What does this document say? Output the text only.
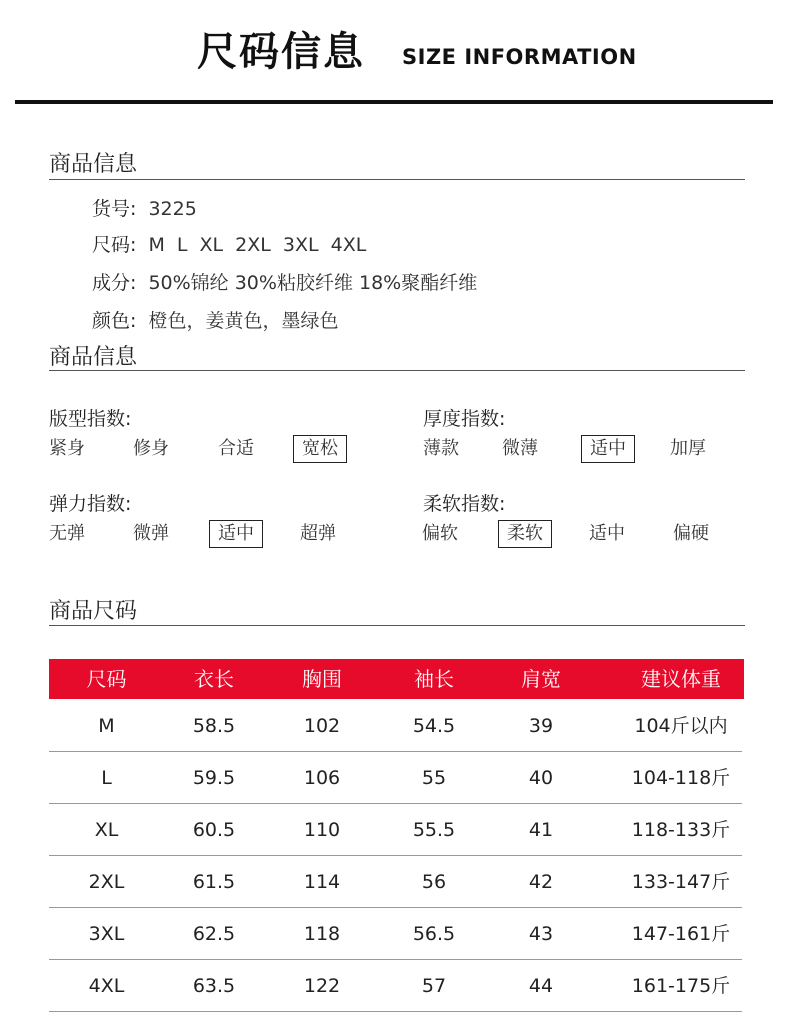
尺码信息 SIZE INFORMATION
商品信息
货号: 3225
尺码: M L XL 2XL 3XL 4XL
成分: 50%锦纶 30%粘胶纤维 18%聚酯纤维
颜色: 橙色，姜黄色，墨绿色
商品信息
版型指数:
紧身	修身	合适	宽松
厚度指数:
薄款	微薄	适中	加厚
弹力指数:
无弹	微弹	适中	超弹
柔软指数:
偏软	柔软	适中	偏硬
商品尺码
尺码	衣长	胸围	袖长	肩宽	建议体重
M	58.5	102	54.5	39	104斤以内
L	59.5	106	55	40	104-118斤
XL	60.5	110	55.5	41	118-133斤
2XL	61.5	114	56	42	133-147斤
3XL	62.5	118	56.5	43	147-161斤
4XL	63.5	122	57	44	161-175斤
